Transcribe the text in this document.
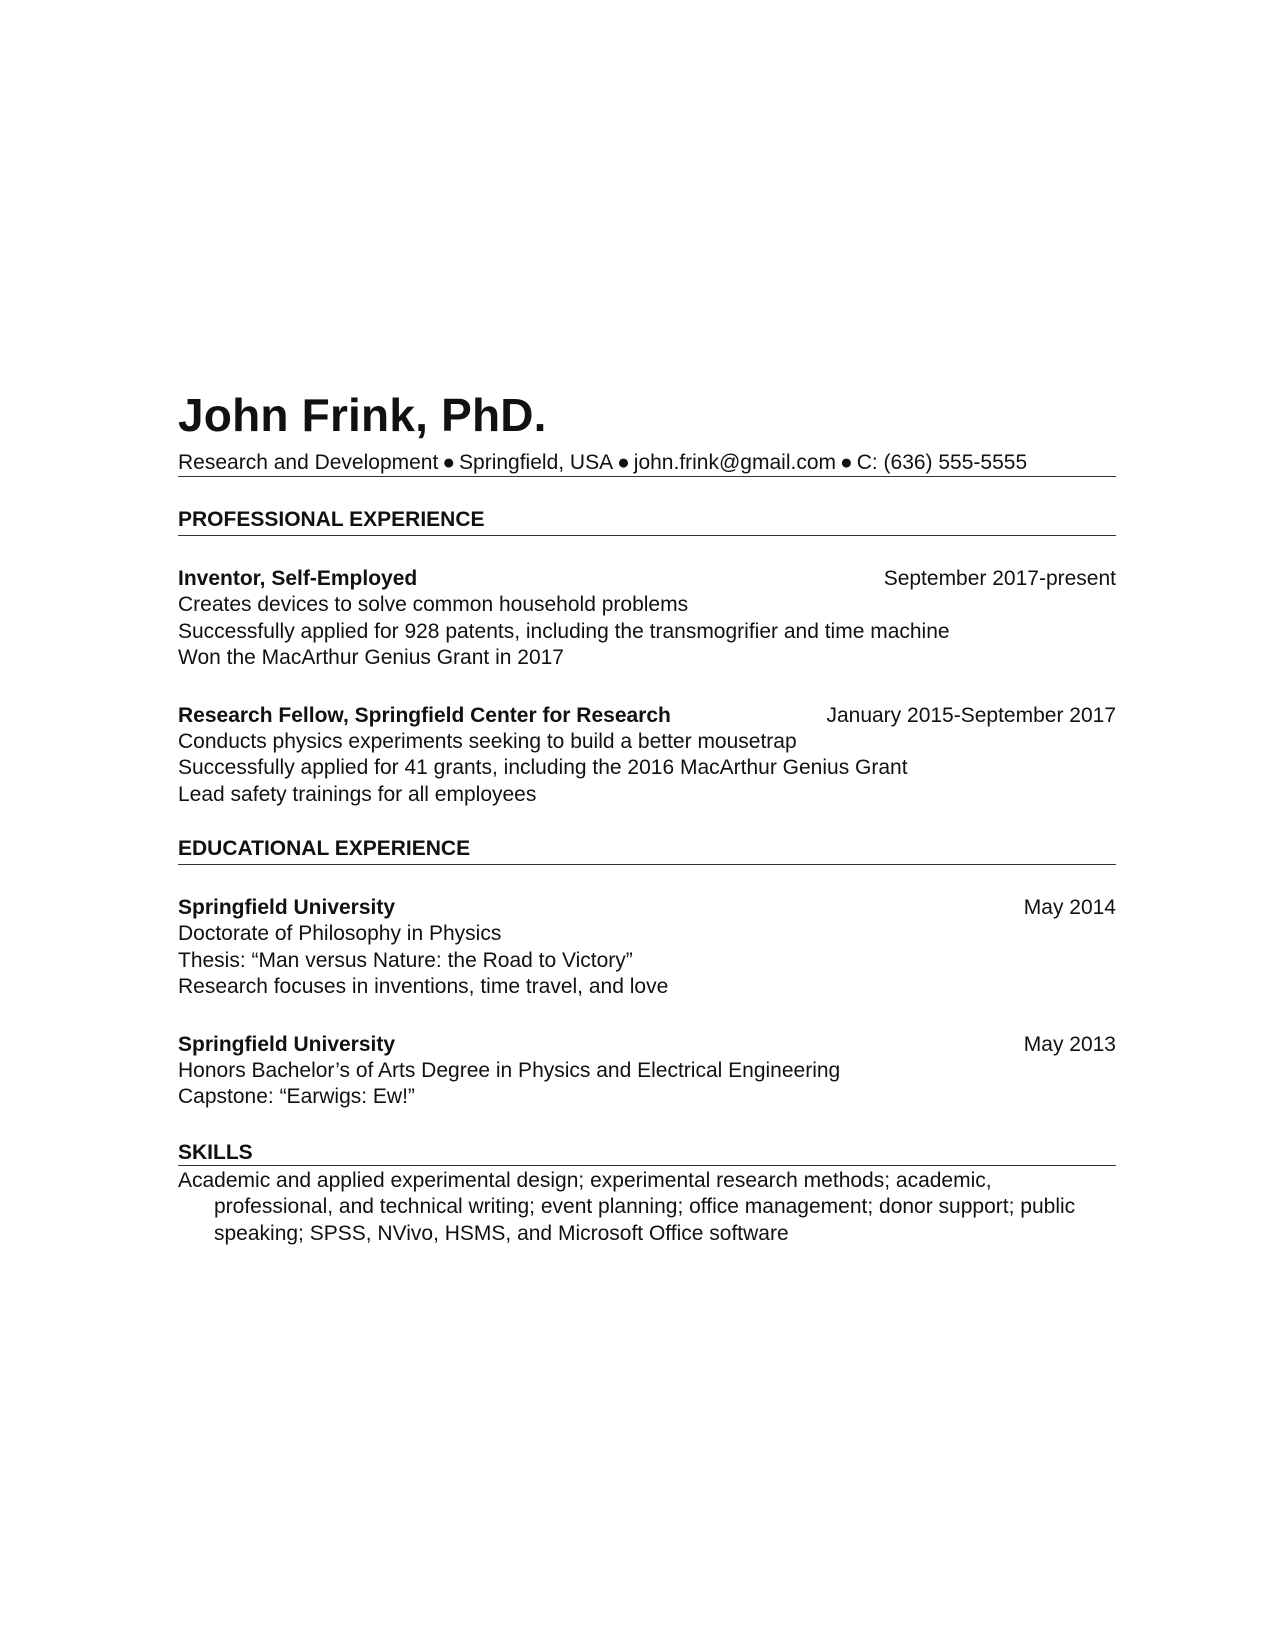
John Frink, PhD.
Research and Development ● Springfield, USA ● john.frink@gmail.com ● C: (636) 555-5555
PROFESSIONAL EXPERIENCE
Inventor, Self-Employed	September 2017-present

Creates devices to solve common household problems

Successfully applied for 928 patents, including the transmogrifier and time machine

Won the MacArthur Genius Grant in 2017

Research Fellow, Springfield Center for Research	January 2015-September 2017

Conducts physics experiments seeking to build a better mousetrap

Successfully applied for 41 grants, including the 2016 MacArthur Genius Grant

Lead safety trainings for all employees

EDUCATIONAL EXPERIENCE
Springfield University	May 2014

Doctorate of Philosophy in Physics

Thesis: “Man versus Nature: the Road to Victory”

Research focuses in inventions, time travel, and love

Springfield University	May 2013

Honors Bachelor’s of Arts Degree in Physics and Electrical Engineering

Capstone: “Earwigs: Ew!”

SKILLS
Academic and applied experimental design; experimental research methods; academic, professional, and technical writing; event planning; office management; donor support; public speaking; SPSS, NVivo, HSMS, and Microsoft Office software
